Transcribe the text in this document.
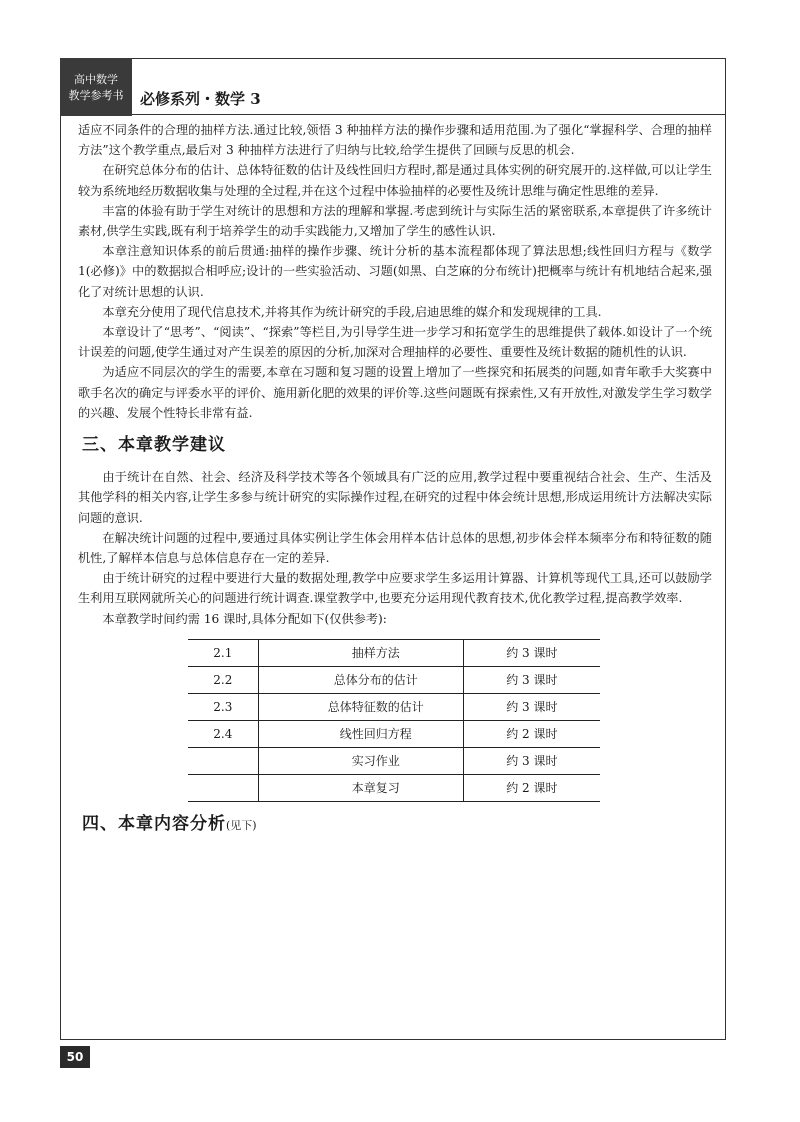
高中数学
教学参考书	必修系列・数学 3

适应不同条件的合理的抽样方法.通过比较,领悟 3 种抽样方法的操作步骤和适用范围.为了强化“掌握科学、合理的抽样方法”这个教学重点,最后对 3 种抽样方法进行了归纳与比较,给学生提供了回顾与反思的机会.

在研究总体分布的估计、总体特征数的估计及线性回归方程时,都是通过具体实例的研究展开的.这样做,可以让学生较为系统地经历数据收集与处理的全过程,并在这个过程中体验抽样的必要性及统计思维与确定性思维的差异.

丰富的体验有助于学生对统计的思想和方法的理解和掌握.考虑到统计与实际生活的紧密联系,本章提供了许多统计素材,供学生实践,既有利于培养学生的动手实践能力,又增加了学生的感性认识.

本章注意知识体系的前后贯通:抽样的操作步骤、统计分析的基本流程都体现了算法思想;线性回归方程与《数学 1(必修)》中的数据拟合相呼应;设计的一些实验活动、习题(如黑、白芝麻的分布统计)把概率与统计有机地结合起来,强化了对统计思想的认识.

本章充分使用了现代信息技术,并将其作为统计研究的手段,启迪思维的媒介和发现规律的工具.

本章设计了“思考”、“阅读”、“探索”等栏目,为引导学生进一步学习和拓宽学生的思维提供了载体.如设计了一个统计误差的问题,使学生通过对产生误差的原因的分析,加深对合理抽样的必要性、重要性及统计数据的随机性的认识.

为适应不同层次的学生的需要,本章在习题和复习题的设置上增加了一些探究和拓展类的问题,如青年歌手大奖赛中歌手名次的确定与评委水平的评价、施用新化肥的效果的评价等.这些问题既有探索性,又有开放性,对激发学生学习数学的兴趣、发展个性特长非常有益.

三、本章教学建议

由于统计在自然、社会、经济及科学技术等各个领域具有广泛的应用,教学过程中要重视结合社会、生产、生活及其他学科的相关内容,让学生多参与统计研究的实际操作过程,在研究的过程中体会统计思想,形成运用统计方法解决实际问题的意识.

在解决统计问题的过程中,要通过具体实例让学生体会用样本估计总体的思想,初步体会样本频率分布和特征数的随机性,了解样本信息与总体信息存在一定的差异.

由于统计研究的过程中要进行大量的数据处理,教学中应要求学生多运用计算器、计算机等现代工具,还可以鼓励学生利用互联网就所关心的问题进行统计调查.课堂教学中,也要充分运用现代教育技术,优化教学过程,提高教学效率.

本章教学时间约需 16 课时,具体分配如下(仅供参考):

2.1	抽样方法	约 3 课时
2.2	总体分布的估计	约 3 课时
2.3	总体特征数的估计	约 3 课时
2.4	线性回归方程	约 2 课时
	实习作业	约 3 课时
	本章复习	约 2 课时
四、本章内容分析(见下)
50
